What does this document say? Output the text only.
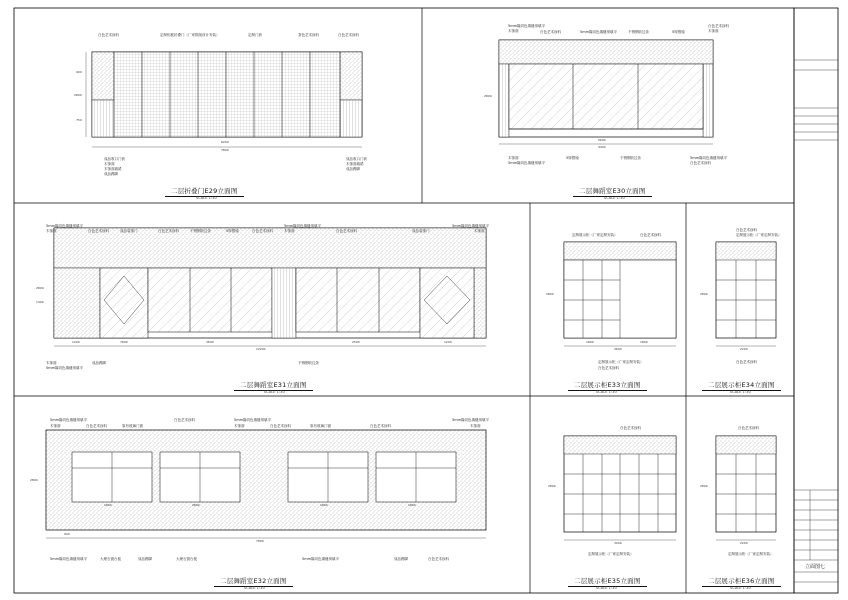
二层折叠门E29立面图
SCALE 1:30
二层舞蹈室E30立面图
SCALE 1:30
二层舞蹈室E31立面图
SCALE 1:30
二层展示柜E33立面图
SCALE 1:30
二层展示柜E34立面图
SCALE 1:30
二层舞蹈室E32立面图
SCALE 1:30
二层展示柜E35立面图
SCALE 1:30
二层展示柜E36立面图
SCALE 1:30
白色艺术涂料	定制铝框折叠门（厂家排版设计安装）	定制门套	茶色艺术涂料	白色艺术涂料
成品收口门套
木饰面
木饰面墙裙
成品踢脚
成品收口门套
木饰面墙裙
成品踢脚
7800
6200
2800
900
750
5mm隆同色填缝剂填平
木饰面	白色艺术涂料	5mm隆同色填缝剂填平	不锈钢收边条	5厚银镜
白色艺术涂料
木饰面
木饰面
5mm隆同色填缝剂填平
5厚银镜	不锈钢收边条	5mm隆同色填缝剂填平
白色艺术涂料
4400
5600
2800
5mm隆同色填缝剂填平
木饰面	白色艺术涂料	成品装饰门	白色艺术涂料	不锈钢收边条	5厚银镜	白色艺术涂料
5mm隆同色填缝剂填平
木饰面	白色艺术涂料	成品装饰门
5mm隆同色填缝剂填平
木饰面
木饰面
5mm隆同色填缝剂填平
成品踢脚	不锈钢收边条
12240
1200	7600	3600	2500	1200
2800
1400
定制展示柜（厂家定制安装）	白色艺术涂料
定制展示柜（厂家定制安装）
白色艺术涂料
1800	1800
3600
2800
白色艺术涂料
定制展示柜（厂家定制安装）
白色艺术涂料
2200
2800
5mm隆同色填缝剂填平
木饰面	白色艺术涂料	原有玻璃门窗
白色艺术涂料	5mm隆同色填缝剂填平
木饰面	白色艺术涂料	原有玻璃门窗	白色艺术涂料
5mm隆同色填缝剂填平
木饰面
5mm隆同色填缝剂填平	大理石窗台板	成品踢脚	大理石窗台板	5mm隆同色填缝剂填平	成品踢脚	白色艺术涂料
1800	2800	1800
900
1800
7800
2800
白色艺术涂料
定制展示柜（厂家定制安装）
3000
2800
白色艺术涂料
定制展示柜（厂家定制安装）
2200
2800
立面图七
